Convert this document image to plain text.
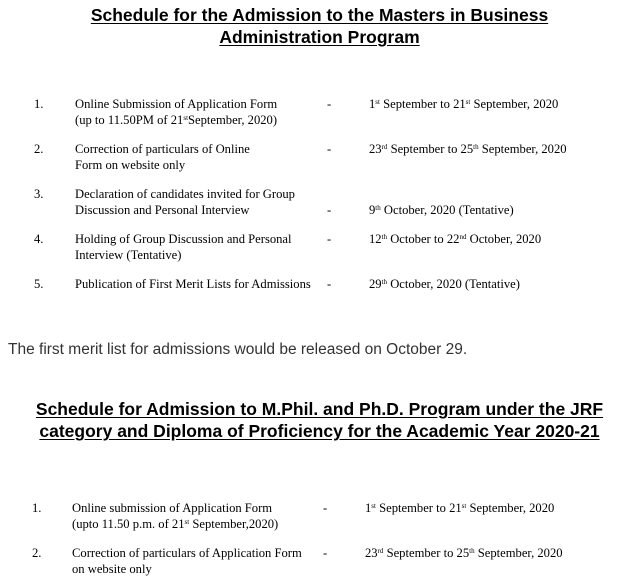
Schedule for the Admission to the Masters in Business
Administration Program
1.	Online Submission of Application Form
(up to 11.50PM of 21stSeptember, 2020)
-	1st September to 21st September, 2020
2.	Correction of particulars of Online
Form on website only
-	23rd September to 25th September, 2020
3.	Declaration of candidates invited for Group
Discussion and Personal Interview	-	9th October, 2020 (Tentative)
4.	Holding of Group Discussion and Personal
Interview (Tentative)
-	12th October to 22nd October, 2020
5.	Publication of First Merit Lists for Admissions	-	29th October, 2020 (Tentative)
The first merit list for admissions would be released on October 29.
Schedule for Admission to M.Phil. and Ph.D. Program under the JRF
category and Diploma of Proficiency for the Academic Year 2020-21
1. Online submission of Application Form
(upto 11.50 p.m. of 21st September,2020)
-	1st September to 21st September, 2020
2. Correction of particulars of Application Form
on website only
-	23rd September to 25th September, 2020
